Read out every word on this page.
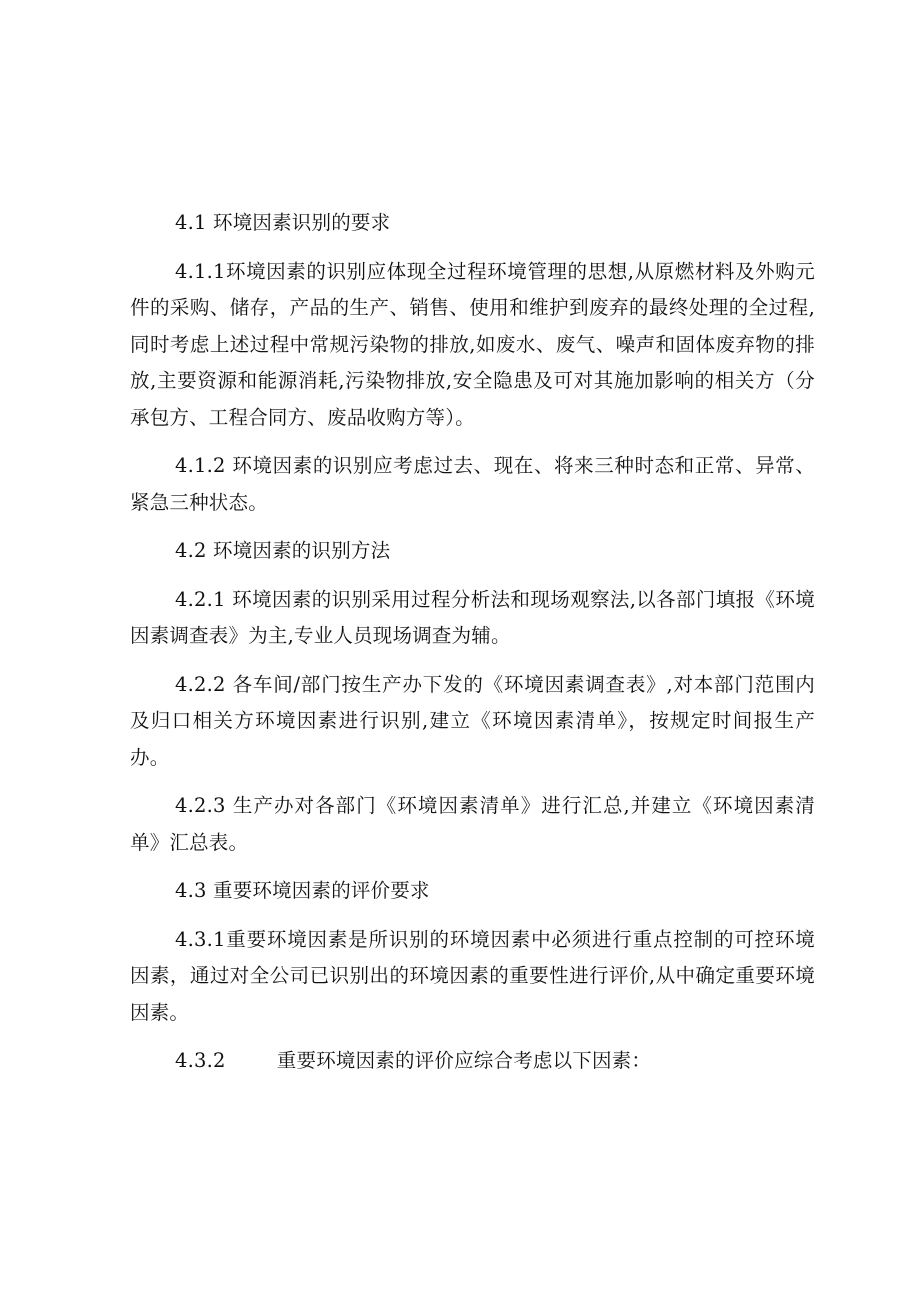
4.1 环境因素识别的要求

4.1.1环境因素的识别应体现全过程环境管理的思想,从原燃材料及外购元件的采购、储存，产品的生产、销售、使用和维护到废弃的最终处理的全过程,同时考虑上述过程中常规污染物的排放,如废水、废气、噪声和固体废弃物的排放,主要资源和能源消耗,污染物排放,安全隐患及可对其施加影响的相关方（分承包方、工程合同方、废品收购方等）。

4.1.2 环境因素的识别应考虑过去、现在、将来三种时态和正常、异常、紧急三种状态。

4.2 环境因素的识别方法

4.2.1 环境因素的识别采用过程分析法和现场观察法,以各部门填报《环境因素调查表》为主,专业人员现场调查为辅。

4.2.2 各车间/部门按生产办下发的《环境因素调查表》,对本部门范围内及归口相关方环境因素进行识别,建立《环境因素清单》，按规定时间报生产办。

4.2.3 生产办对各部门《环境因素清单》进行汇总,并建立《环境因素清单》汇总表。

4.3 重要环境因素的评价要求

4.3.1重要环境因素是所识别的环境因素中必须进行重点控制的可控环境因素，通过对全公司已识别出的环境因素的重要性进行评价,从中确定重要环境因素。

4.3.2        重要环境因素的评价应综合考虑以下因素：
